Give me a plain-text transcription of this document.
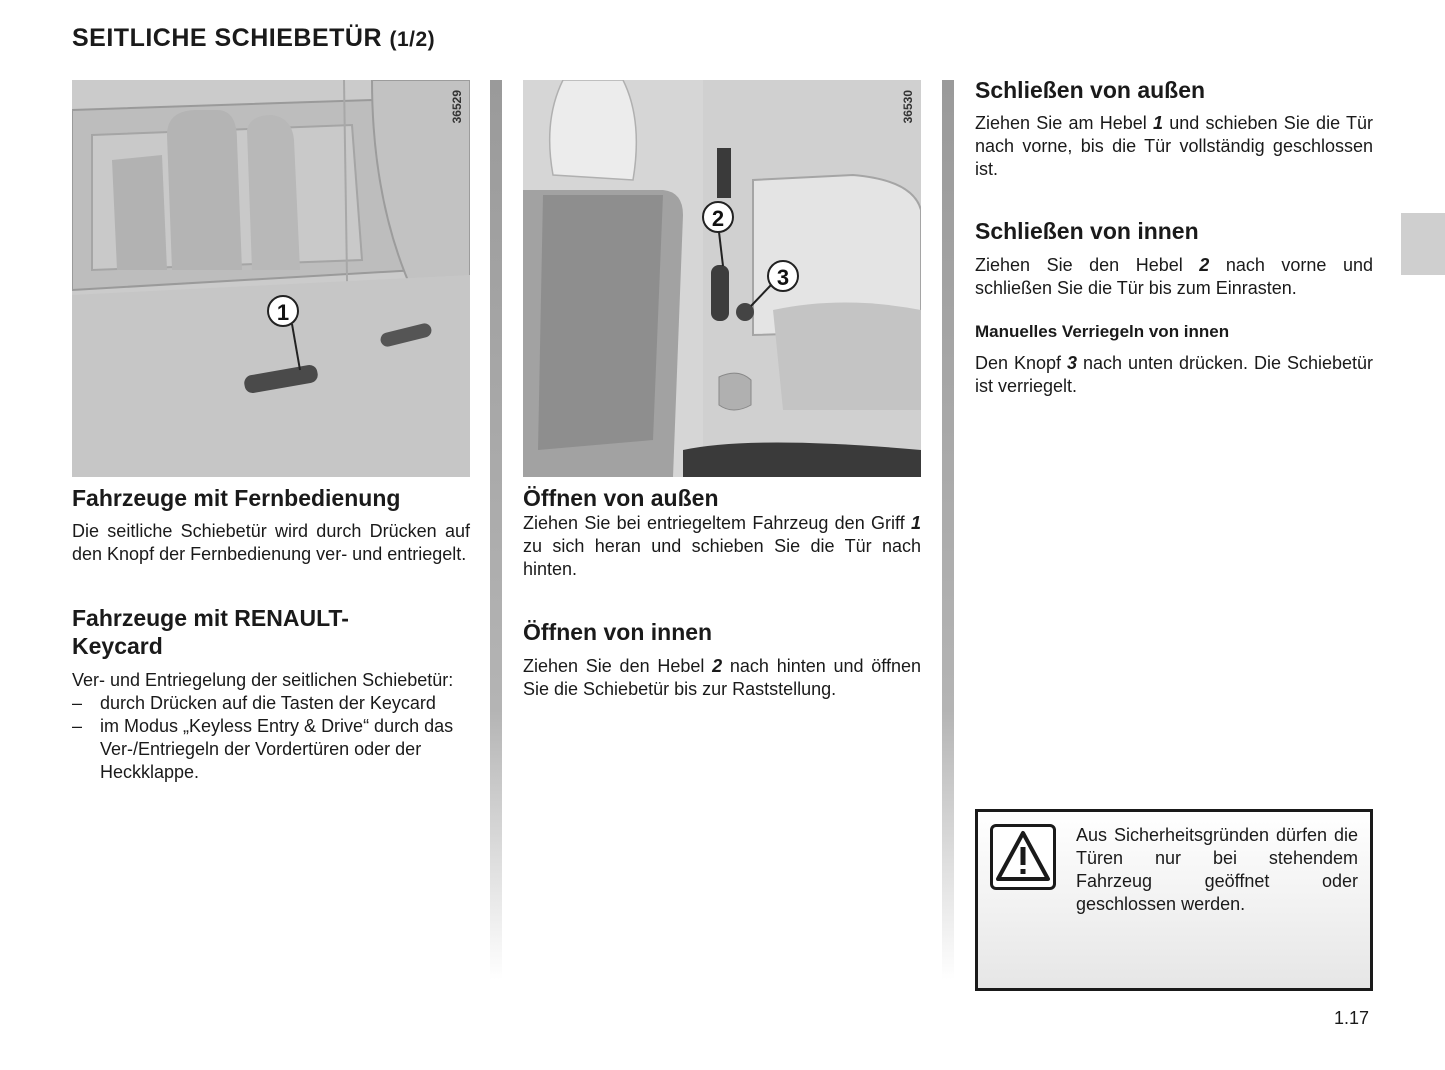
SEITLICHE SCHIEBETÜR (1/2)
1
36529
Fahrzeuge mit Fernbedienung

Die seitliche Schiebetür wird durch Drücken auf den Knopf der Fernbedienung ver- und entriegelt.

Fahrzeuge mit RENAULT-Keycard

Ver- und Entriegelung der seitlichen Schiebetür:

– durch Drücken auf die Tasten der Keycard
– im Modus „Keyless Entry & Drive“ durch das Ver-/Entriegeln der Vordertüren oder der Heckklappe.
2
3
36530
Öffnen von außen

Ziehen Sie bei entriegeltem Fahrzeug den Griff 1 zu sich heran und schieben Sie die Tür nach hinten.

Öffnen von innen

Ziehen Sie den Hebel 2 nach hinten und öffnen Sie die Schiebetür bis zur Raststellung.

Schließen von außen

Ziehen Sie am Hebel 1 und schieben Sie die Tür nach vorne, bis die Tür vollständig geschlossen ist.

Schließen von innen

Ziehen Sie den Hebel 2 nach vorne und schließen Sie die Tür bis zum Einrasten.

Manuelles Verriegeln von innen

Den Knopf 3 nach unten drücken. Die Schiebetür ist verriegelt.

Aus Sicherheitsgründen dürfen die Türen nur bei stehendem Fahrzeug geöffnet oder geschlossen werden.

1.17
